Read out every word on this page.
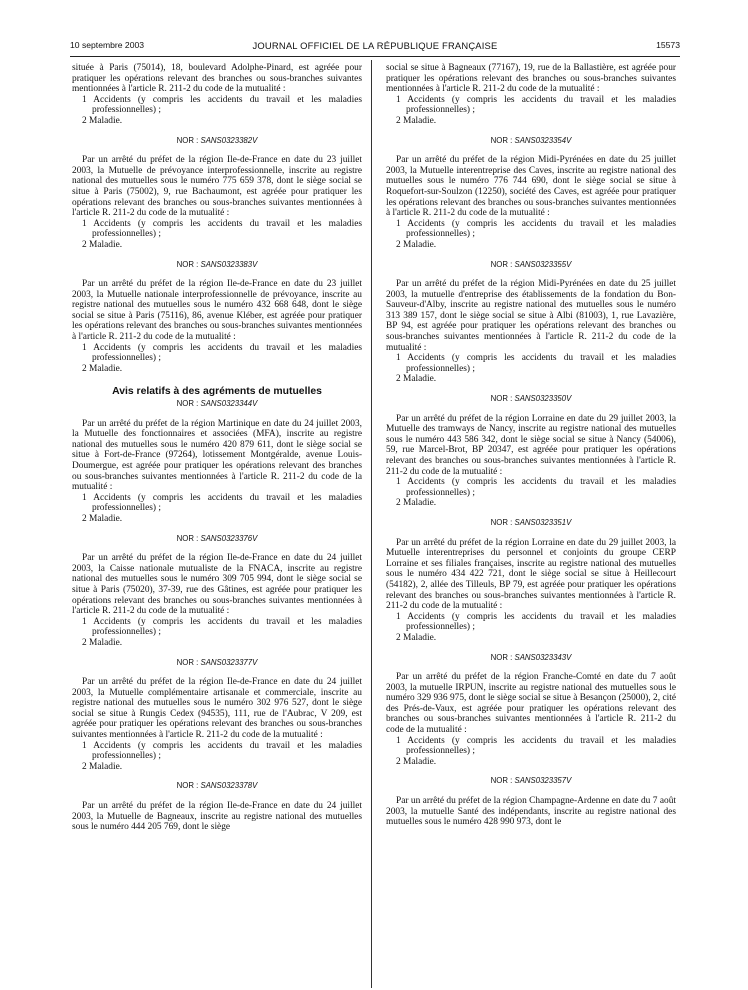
10 septembre 2003	JOURNAL OFFICIEL DE LA RÉPUBLIQUE FRANÇAISE	15573

située à Paris (75014), 18, boulevard Adolphe-Pinard, est agréée pour pratiquer les opérations relevant des branches ou sous-branches suivantes mentionnées à l'article R. 211-2 du code de la mutualité :

1 Accidents (y compris les accidents du travail et les maladies professionnelles) ;

2 Maladie.

NOR : SANS0323382V

Par un arrêté du préfet de la région Ile-de-France en date du 23 juillet 2003, la Mutuelle de prévoyance interprofessionnelle, inscrite au registre national des mutuelles sous le numéro 775 659 378, dont le siège social se situe à Paris (75002), 9, rue Bachaumont, est agréée pour pratiquer les opérations relevant des branches ou sous-branches suivantes mentionnées à l'article R. 211-2 du code de la mutualité :

1 Accidents (y compris les accidents du travail et les maladies professionnelles) ;

2 Maladie.

NOR : SANS0323383V

Par un arrêté du préfet de la région Ile-de-France en date du 23 juillet 2003, la Mutuelle nationale interprofessionnelle de prévoyance, inscrite au registre national des mutuelles sous le numéro 432 668 648, dont le siège social se situe à Paris (75116), 86, avenue Kléber, est agréée pour pratiquer les opérations relevant des branches ou sous-branches suivantes mentionnées à l'article R. 211-2 du code de la mutualité :

1 Accidents (y compris les accidents du travail et les maladies professionnelles) ;

2 Maladie.

Avis relatifs à des agréments de mutuelles
NOR : SANS0323344V

Par un arrêté du préfet de la région Martinique en date du 24 juillet 2003, la Mutuelle des fonctionnaires et associées (MFA), inscrite au registre national des mutuelles sous le numéro 420 879 611, dont le siège social se situe à Fort-de-France (97264), lotissement Montgéralde, avenue Louis-Doumergue, est agréée pour pratiquer les opérations relevant des branches ou sous-branches suivantes mentionnées à l'article R. 211-2 du code de la mutualité :

1 Accidents (y compris les accidents du travail et les maladies professionnelles) ;

2 Maladie.

NOR : SANS0323376V

Par un arrêté du préfet de la région Ile-de-France en date du 24 juillet 2003, la Caisse nationale mutualiste de la FNACA, inscrite au registre national des mutuelles sous le numéro 309 705 994, dont le siège social se situe à Paris (75020), 37-39, rue des Gâtines, est agréée pour pratiquer les opérations relevant des branches ou sous-branches suivantes mentionnées à l'article R. 211-2 du code de la mutualité :

1 Accidents (y compris les accidents du travail et les maladies professionnelles) ;

2 Maladie.

NOR : SANS0323377V

Par un arrêté du préfet de la région Ile-de-France en date du 24 juillet 2003, la Mutuelle complémentaire artisanale et commerciale, inscrite au registre national des mutuelles sous le numéro 302 976 527, dont le siège social se situe à Rungis Cedex (94535), 111, rue de l'Aubrac, V 209, est agréée pour pratiquer les opérations relevant des branches ou sous-branches suivantes mentionnées à l'article R. 211-2 du code de la mutualité :

1 Accidents (y compris les accidents du travail et les maladies professionnelles) ;

2 Maladie.

NOR : SANS0323378V

Par un arrêté du préfet de la région Ile-de-France en date du 24 juillet 2003, la Mutuelle de Bagneaux, inscrite au registre national des mutuelles sous le numéro 444 205 769, dont le siège

social se situe à Bagneaux (77167), 19, rue de la Ballastière, est agréée pour pratiquer les opérations relevant des branches ou sous-branches suivantes mentionnées à l'article R. 211-2 du code de la mutualité :

1 Accidents (y compris les accidents du travail et les maladies professionnelles) ;

2 Maladie.

NOR : SANS0323354V

Par un arrêté du préfet de la région Midi-Pyrénées en date du 25 juillet 2003, la Mutuelle interentreprise des Caves, inscrite au registre national des mutuelles sous le numéro 776 744 690, dont le siège social se situe à Roquefort-sur-Soulzon (12250), société des Caves, est agréée pour pratiquer les opérations relevant des branches ou sous-branches suivantes mentionnées à l'article R. 211-2 du code de la mutualité :

1 Accidents (y compris les accidents du travail et les maladies professionnelles) ;

2 Maladie.

NOR : SANS0323355V

Par un arrêté du préfet de la région Midi-Pyrénées en date du 25 juillet 2003, la mutuelle d'entreprise des établissements de la fondation du Bon-Sauveur-d'Alby, inscrite au registre national des mutuelles sous le numéro 313 389 157, dont le siège social se situe à Albi (81003), 1, rue Lavazière, BP 94, est agréée pour pratiquer les opérations relevant des branches ou sous-branches suivantes mentionnées à l'article R. 211-2 du code de la mutualité :

1 Accidents (y compris les accidents du travail et les maladies professionnelles) ;

2 Maladie.

NOR : SANS0323350V

Par un arrêté du préfet de la région Lorraine en date du 29 juillet 2003, la Mutuelle des tramways de Nancy, inscrite au registre national des mutuelles sous le numéro 443 586 342, dont le siège social se situe à Nancy (54006), 59, rue Marcel-Brot, BP 20347, est agréée pour pratiquer les opérations relevant des branches ou sous-branches suivantes mentionnées à l'article R. 211-2 du code de la mutualité :

1 Accidents (y compris les accidents du travail et les maladies professionnelles) ;

2 Maladie.

NOR : SANS0323351V

Par un arrêté du préfet de la région Lorraine en date du 29 juillet 2003, la Mutuelle interentreprises du personnel et conjoints du groupe CERP Lorraine et ses filiales françaises, inscrite au registre national des mutuelles sous le numéro 434 422 721, dont le siège social se situe à Heillecourt (54182), 2, allée des Tilleuls, BP 79, est agréée pour pratiquer les opérations relevant des branches ou sous-branches suivantes mentionnées à l'article R. 211-2 du code de la mutualité :

1 Accidents (y compris les accidents du travail et les maladies professionnelles) ;

2 Maladie.

NOR : SANS0323343V

Par un arrêté du préfet de la région Franche-Comté en date du 7 août 2003, la mutuelle IRPUN, inscrite au registre national des mutuelles sous le numéro 329 936 975, dont le siège social se situe à Besançon (25000), 2, cité des Prés-de-Vaux, est agréée pour pratiquer les opérations relevant des branches ou sous-branches suivantes mentionnées à l'article R. 211-2 du code de la mutualité :

1 Accidents (y compris les accidents du travail et les maladies professionnelles) ;

2 Maladie.

NOR : SANS0323357V

Par un arrêté du préfet de la région Champagne-Ardenne en date du 7 août 2003, la mutuelle Santé des indépendants, inscrite au registre national des mutuelles sous le numéro 428 990 973, dont le
